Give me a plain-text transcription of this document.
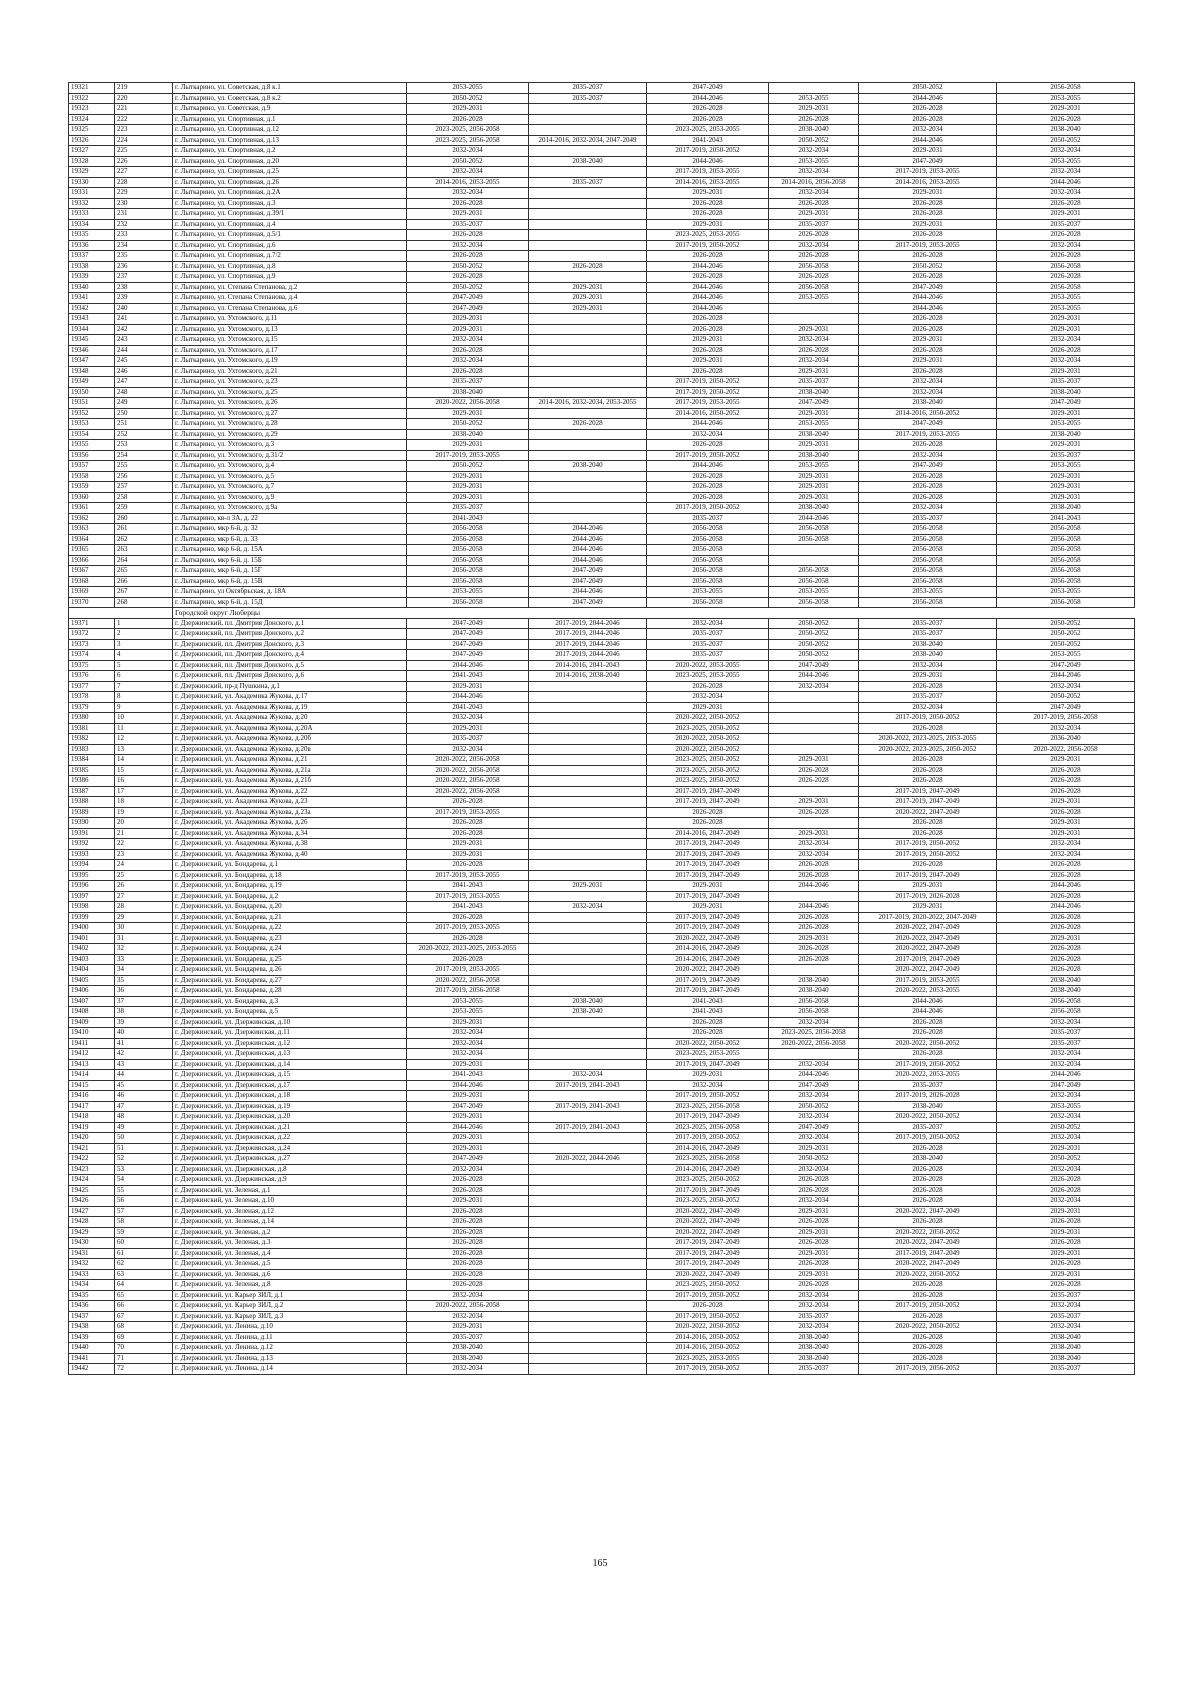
19321	219	г. Лыткарино, ул. Советская, д.8 к.1	2053-2055	2035-2037	2047-2049		2050-2052	2056-2058
19322	220	г. Лыткарино, ул. Советская, д.8 к.2	2050-2052	2035-2037	2044-2046	2053-2055	2044-2046	2053-2055
19323	221	г. Лыткарино, ул. Советская, д.9	2029-2031		2026-2028	2029-2031	2026-2028	2029-2031
19324	222	г. Лыткарино, ул. Спортивная, д.1	2026-2028		2026-2028	2026-2028	2026-2028	2026-2028
19325	223	г. Лыткарино, ул. Спортивная, д.12	2023-2025, 2056-2058		2023-2025, 2053-2055	2038-2040	2032-2034	2038-2040
19326	224	г. Лыткарино, ул. Спортивная, д.13	2023-2025, 2056-2058	2014-2016, 2032-2034, 2047-2049	2041-2043	2050-2052	2044-2046	2050-2052
19327	225	г. Лыткарино, ул. Спортивная, д.2	2032-2034		2017-2019, 2050-2052	2032-2034	2029-2031	2032-2034
19328	226	г. Лыткарино, ул. Спортивная, д.20	2050-2052	2038-2040	2044-2046	2053-2055	2047-2049	2053-2055
19329	227	г. Лыткарино, ул. Спортивная, д.25	2032-2034		2017-2019, 2053-2055	2032-2034	2017-2019, 2053-2055	2032-2034
19330	228	г. Лыткарино, ул. Спортивная, д.26	2014-2016, 2053-2055	2035-2037	2014-2016, 2053-2055	2014-2016, 2056-2058	2014-2016, 2053-2055	2044-2046
19331	229	г. Лыткарино, ул. Спортивная, д.2А	2032-2034		2029-2031	2032-2034	2029-2031	2032-2034
19332	230	г. Лыткарино, ул. Спортивная, д.3	2026-2028		2026-2028	2026-2028	2026-2028	2026-2028
19333	231	г. Лыткарино, ул. Спортивная, д.39/1	2029-2031		2026-2028	2029-2031	2026-2028	2029-2031
19334	232	г. Лыткарино, ул. Спортивная, д.4	2035-2037		2029-2031	2035-2037	2029-2031	2035-2037
19335	233	г. Лыткарино, ул. Спортивная, д.5/1	2026-2028		2023-2025, 2053-2055	2026-2028	2026-2028	2026-2028
19336	234	г. Лыткарино, ул. Спортивная, д.6	2032-2034		2017-2019, 2050-2052	2032-2034	2017-2019, 2053-2055	2032-2034
19337	235	г. Лыткарино, ул. Спортивная, д.7/2	2026-2028		2026-2028	2026-2028	2026-2028	2026-2028
19338	236	г. Лыткарино, ул. Спортивная, д.8	2050-2052	2026-2028	2044-2046	2056-2058	2050-2052	2056-2058
19339	237	г. Лыткарино, ул. Спортивная, д.9	2026-2028		2026-2028	2026-2028	2026-2028	2026-2028
19340	238	г. Лыткарино, ул. Степана Степанова, д.2	2050-2052	2029-2031	2044-2046	2056-2058	2047-2049	2056-2058
19341	239	г. Лыткарино, ул. Степана Степанова, д.4	2047-2049	2029-2031	2044-2046	2053-2055	2044-2046	2053-2055
19342	240	г. Лыткарино, ул. Степана Степанова, д.6	2047-2049	2029-2031	2044-2046		2044-2046	2053-2055
19343	241	г. Лыткарино, ул. Ухтомского, д.11	2029-2031		2026-2028		2026-2028	2029-2031
19344	242	г. Лыткарино, ул. Ухтомского, д.13	2029-2031		2026-2028	2029-2031	2026-2028	2029-2031
19345	243	г. Лыткарино, ул. Ухтомского, д.15	2032-2034		2029-2031	2032-2034	2029-2031	2032-2034
19346	244	г. Лыткарино, ул. Ухтомского, д.17	2026-2028		2026-2028	2026-2028	2026-2028	2026-2028
19347	245	г. Лыткарино, ул. Ухтомского, д.19	2032-2034		2029-2031	2032-2034	2029-2031	2032-2034
19348	246	г. Лыткарино, ул. Ухтомского, д.21	2026-2028		2026-2028	2029-2031	2026-2028	2029-2031
19349	247	г. Лыткарино, ул. Ухтомского, д.23	2035-2037		2017-2019, 2050-2052	2035-2037	2032-2034	2035-2037
19350	248	г. Лыткарино, ул. Ухтомского, д.25	2038-2040		2017-2019, 2050-2052	2038-2040	2032-2034	2038-2040
19351	249	г. Лыткарино, ул. Ухтомского, д.26	2020-2022, 2056-2058	2014-2016, 2032-2034, 2053-2055	2017-2019, 2053-2055	2047-2049	2038-2040	2047-2049
19352	250	г. Лыткарино, ул. Ухтомского, д.27	2029-2031		2014-2016, 2050-2052	2029-2031	2014-2016, 2050-2052	2029-2031
19353	251	г. Лыткарино, ул. Ухтомского, д.28	2050-2052	2026-2028	2044-2046	2053-2055	2047-2049	2053-2055
19354	252	г. Лыткарино, ул. Ухтомского, д.29	2038-2040		2032-2034	2038-2040	2017-2019, 2053-2055	2038-2040
19355	253	г. Лыткарино, ул. Ухтомского, д.3	2029-2031		2026-2028	2029-2031	2026-2028	2029-2031
19356	254	г. Лыткарино, ул. Ухтомского, д.31/2	2017-2019, 2053-2055		2017-2019, 2050-2052	2038-2040	2032-2034	2035-2037
19357	255	г. Лыткарино, ул. Ухтомского, д.4	2050-2052	2038-2040	2044-2046	2053-2055	2047-2049	2053-2055
19358	256	г. Лыткарино, ул. Ухтомского, д.5	2029-2031		2026-2028	2029-2031	2026-2028	2029-2031
19359	257	г. Лыткарино, ул. Ухтомского, д.7	2029-2031		2026-2028	2029-2031	2026-2028	2029-2031
19360	258	г. Лыткарино, ул. Ухтомского, д.9	2029-2031		2026-2028	2029-2031	2026-2028	2029-2031
19361	259	г. Лыткарино, ул. Ухтомского, д.9а	2035-2037		2017-2019, 2050-2052	2038-2040	2032-2034	2038-2040
19362	260	г. Лыткарино, кв-л 3А, д. 22	2041-2043		2035-2037	2044-2046	2035-2037	2041-2043
19363	261	г. Лыткарино, мкр 6-й, д. 32	2056-2058	2044-2046	2056-2058	2056-2058	2056-2058	2056-2058
19364	262	г. Лыткарино, мкр 6-й, д. 33	2056-2058	2044-2046	2056-2058	2056-2058	2056-2058	2056-2058
19365	263	г. Лыткарино, мкр 6-й, д. 15А	2056-2058	2044-2046	2056-2058		2056-2058	2056-2058
19366	264	г. Лыткарино, мкр 6-й, д. 15Б	2056-2058	2044-2046	2056-2058		2056-2058	2056-2058
19367	265	г. Лыткарино, мкр 6-й, д. 15Г	2056-2058	2047-2049	2056-2058	2056-2058	2056-2058	2056-2058
19368	266	г. Лыткарино, мкр 6-й, д. 15В	2056-2058	2047-2049	2056-2058	2056-2058	2056-2058	2056-2058
19369	267	г. Лыткарино, ул Октябрьская, д. 18А	2053-2055	2044-2046	2053-2055	2053-2055	2053-2055	2053-2055
19370	268	г. Лыткарино, мкр 6-й, д. 15Д	2056-2058	2047-2049	2056-2058	2056-2058	2056-2058	2056-2058
		Городской округ Люберцы						
19371	1	г. Дзержинский, пл. Дмитрия Донского, д.1	2047-2049	2017-2019, 2044-2046	2032-2034	2050-2052	2035-2037	2050-2052
19372	2	г. Дзержинский, пл. Дмитрия Донского, д.2	2047-2049	2017-2019, 2044-2046	2035-2037	2050-2052	2035-2037	2050-2052
19373	3	г. Дзержинский, пл. Дмитрия Донского, д.3	2047-2049	2017-2019, 2044-2046	2035-2037	2050-2052	2038-2040	2050-2052
19374	4	г. Дзержинский, пл. Дмитрия Донского, д.4	2047-2049	2017-2019, 2044-2046	2035-2037	2050-2052	2038-2040	2053-2055
19375	5	г. Дзержинский, пл. Дмитрия Донского, д.5	2044-2046	2014-2016, 2041-2043	2020-2022, 2053-2055	2047-2049	2032-2034	2047-2049
19376	6	г. Дзержинский, пл. Дмитрия Донского, д.6	2041-2043	2014-2016, 2038-2040	2023-2025, 2053-2055	2044-2046	2029-2031	2044-2046
19377	7	г. Дзержинский, пр-д Пушкина, д.1	2029-2031		2026-2028	2032-2034	2026-2028	2032-2034
19378	8	г. Дзержинский, ул. Академика Жукова, д.17	2044-2046		2032-2034		2035-2037	2050-2052
19379	9	г. Дзержинский, ул. Академика Жукова, д.19	2041-2043		2029-2031		2032-2034	2047-2049
19380	10	г. Дзержинский, ул. Академика Жукова, д.20	2032-2034		2020-2022, 2050-2052		2017-2019, 2050-2052	2017-2019, 2056-2058
19381	11	г. Дзержинский, ул. Академика Жукова, д.20А	2029-2031		2023-2025, 2050-2052		2026-2028	2032-2034
19382	12	г. Дзержинский, ул. Академика Жукова, д.20б	2035-2037		2020-2022, 2050-2052		2020-2022, 2023-2025, 2053-2055	2036-2040
19383	13	г. Дзержинский, ул. Академика Жукова, д.20в	2032-2034		2020-2022, 2050-2052		2020-2022, 2023-2025, 2050-2052	2020-2022, 2056-2058
19384	14	г. Дзержинский, ул. Академика Жукова, д.21	2020-2022, 2056-2058		2023-2025, 2050-2052	2029-2031	2026-2028	2029-2031
19385	15	г. Дзержинский, ул. Академика Жукова, д.21а	2020-2022, 2056-2058		2023-2025, 2050-2052	2026-2028	2026-2028	2026-2028
19386	16	г. Дзержинский, ул. Академика Жукова, д.21б	2020-2022, 2056-2058		2023-2025, 2050-2052	2026-2028	2026-2028	2026-2028
19387	17	г. Дзержинский, ул. Академика Жукова, д.22	2020-2022, 2056-2058		2017-2019, 2047-2049		2017-2019, 2047-2049	2026-2028
19388	18	г. Дзержинский, ул. Академика Жукова, д.23	2026-2028		2017-2019, 2047-2049	2029-2031	2017-2019, 2047-2049	2029-2031
19389	19	г. Дзержинский, ул. Академика Жукова, д.23а	2017-2019, 2053-2055		2026-2028	2026-2028	2020-2022, 2047-2049	2026-2028
19390	20	г. Дзержинский, ул. Академика Жукова, д.26	2026-2028		2026-2028		2026-2028	2029-2031
19391	21	г. Дзержинский, ул. Академика Жукова, д.34	2026-2028		2014-2016, 2047-2049	2029-2031	2026-2028	2029-2031
19392	22	г. Дзержинский, ул. Академика Жукова, д.38	2029-2031		2017-2019, 2047-2049	2032-2034	2017-2019, 2050-2052	2032-2034
19393	23	г. Дзержинский, ул. Академика Жукова, д.40	2029-2031		2017-2019, 2047-2049	2032-2034	2017-2019, 2050-2052	2032-2034
19394	24	г. Дзержинский, ул. Бондарева, д.1	2026-2028		2017-2019, 2047-2049	2026-2028	2026-2028	2026-2028
19395	25	г. Дзержинский, ул. Бондарева, д.18	2017-2019, 2053-2055		2017-2019, 2047-2049	2026-2028	2017-2019, 2047-2049	2026-2028
19396	26	г. Дзержинский, ул. Бондарева, д.19	2041-2043	2029-2031	2029-2031	2044-2046	2029-2031	2044-2046
19397	27	г. Дзержинский, ул. Бондарева, д.2	2017-2019, 2053-2055		2017-2019, 2047-2049		2017-2019, 2026-2028	2026-2028
19398	28	г. Дзержинский, ул. Бондарева, д.20	2041-2043	2032-2034	2029-2031	2044-2046	2029-2031	2044-2046
19399	29	г. Дзержинский, ул. Бондарева, д.21	2026-2028		2017-2019, 2047-2049	2026-2028	2017-2019, 2020-2022, 2047-2049	2026-2028
19400	30	г. Дзержинский, ул. Бондарева, д.22	2017-2019, 2053-2055		2017-2019, 2047-2049	2026-2028	2020-2022, 2047-2049	2026-2028
19401	31	г. Дзержинский, ул. Бондарева, д.23	2026-2028		2020-2022, 2047-2049	2029-2031	2020-2022, 2047-2049	2029-2031
19402	32	г. Дзержинский, ул. Бондарева, д.24	2020-2022, 2023-2025, 2053-2055		2014-2016, 2047-2049	2026-2028	2020-2022, 2047-2049	2026-2028
19403	33	г. Дзержинский, ул. Бондарева, д.25	2026-2028		2014-2016, 2047-2049	2026-2028	2017-2019, 2047-2049	2026-2028
19404	34	г. Дзержинский, ул. Бондарева, д.26	2017-2019, 2053-2055		2020-2022, 2047-2049		2020-2022, 2047-2049	2026-2028
19405	35	г. Дзержинский, ул. Бондарева, д.27	2020-2022, 2056-2058		2017-2019, 2047-2049	2038-2040	2017-2019, 2053-2055	2038-2040
19406	36	г. Дзержинский, ул. Бондарева, д.28	2017-2019, 2056-2058		2017-2019, 2047-2049	2038-2040	2020-2022, 2053-2055	2038-2040
19407	37	г. Дзержинский, ул. Бондарева, д.3	2053-2055	2038-2040	2041-2043	2056-2058	2044-2046	2056-2058
19408	38	г. Дзержинский, ул. Бондарева, д.5	2053-2055	2038-2040	2041-2043	2056-2058	2044-2046	2056-2058
19409	39	г. Дзержинский, ул. Дзержинская, д.10	2029-2031		2026-2028	2032-2034	2026-2028	2032-2034
19410	40	г. Дзержинский, ул. Дзержинская, д.11	2032-2034		2026-2028	2023-2025, 2056-2058	2026-2028	2035-2037
19411	41	г. Дзержинский, ул. Дзержинская, д.12	2032-2034		2020-2022, 2050-2052	2020-2022, 2056-2058	2020-2022, 2050-2052	2035-2037
19412	42	г. Дзержинский, ул. Дзержинская, д.13	2032-2034		2023-2025, 2053-2055		2026-2028	2032-2034
19413	43	г. Дзержинский, ул. Дзержинская, д.14	2029-2031		2017-2019, 2047-2049	2032-2034	2017-2019, 2050-2052	2032-2034
19414	44	г. Дзержинский, ул. Дзержинская, д.15	2041-2043	2032-2034	2029-2031	2044-2046	2020-2022, 2053-2055	2044-2046
19415	45	г. Дзержинский, ул. Дзержинская, д.17	2044-2046	2017-2019, 2041-2043	2032-2034	2047-2049	2035-2037	2047-2049
19416	46	г. Дзержинский, ул. Дзержинская, д.18	2029-2031		2017-2019, 2050-2052	2032-2034	2017-2019, 2026-2028	2032-2034
19417	47	г. Дзержинский, ул. Дзержинская, д.19	2047-2049	2017-2019, 2041-2043	2023-2025, 2056-2058	2050-2052	2038-2040	2053-2055
19418	48	г. Дзержинский, ул. Дзержинская, д.20	2029-2031		2017-2019, 2047-2049	2032-2034	2020-2022, 2050-2052	2032-2034
19419	49	г. Дзержинский, ул. Дзержинская, д.21	2044-2046	2017-2019, 2041-2043	2023-2025, 2056-2058	2047-2049	2035-2037	2050-2052
19420	50	г. Дзержинский, ул. Дзержинская, д.22	2029-2031		2017-2019, 2050-2052	2032-2034	2017-2019, 2050-2052	2032-2034
19421	51	г. Дзержинский, ул. Дзержинская, д.24	2029-2031		2014-2016, 2047-2049	2029-2031	2026-2028	2029-2031
19422	52	г. Дзержинский, ул. Дзержинская, д.27	2047-2049	2020-2022, 2044-2046	2023-2025, 2056-2058	2050-2052	2038-2040	2050-2052
19423	53	г. Дзержинский, ул. Дзержинская, д.8	2032-2034		2014-2016, 2047-2049	2032-2034	2026-2028	2032-2034
19424	54	г. Дзержинский, ул. Дзержинская, д.9	2026-2028		2023-2025, 2050-2052	2026-2028	2026-2028	2026-2028
19425	55	г. Дзержинский, ул. Зеленая, д.1	2026-2028		2017-2019, 2047-2049	2026-2028	2026-2028	2026-2028
19426	56	г. Дзержинский, ул. Зеленая, д.10	2029-2031		2023-2025, 2050-2052	2032-2034	2026-2028	2032-2034
19427	57	г. Дзержинский, ул. Зеленая, д.12	2026-2028		2020-2022, 2047-2049	2029-2031	2020-2022, 2047-2049	2029-2031
19428	58	г. Дзержинский, ул. Зеленая, д.14	2026-2028		2020-2022, 2047-2049	2026-2028	2026-2028	2026-2028
19429	59	г. Дзержинский, ул. Зеленая, д.2	2026-2028		2020-2022, 2047-2049	2029-2031	2020-2022, 2050-2052	2029-2031
19430	60	г. Дзержинский, ул. Зеленая, д.3	2026-2028		2017-2019, 2047-2049	2026-2028	2020-2022, 2047-2049	2026-2028
19431	61	г. Дзержинский, ул. Зеленая, д.4	2026-2028		2017-2019, 2047-2049	2029-2031	2017-2019, 2047-2049	2029-2031
19432	62	г. Дзержинский, ул. Зеленая, д.5	2026-2028		2017-2019, 2047-2049	2026-2028	2020-2022, 2047-2049	2026-2028
19433	63	г. Дзержинский, ул. Зеленая, д.6	2026-2028		2020-2022, 2047-2049	2029-2031	2020-2022, 2050-2052	2029-2031
19434	64	г. Дзержинский, ул. Зеленая, д.8	2026-2028		2023-2025, 2050-2052	2026-2028	2026-2028	2026-2028
19435	65	г. Дзержинский, ул. Карьер ЗИЛ, д.1	2032-2034		2017-2019, 2050-2052	2032-2034	2026-2028	2035-2037
19436	66	г. Дзержинский, ул. Карьер ЗИЛ, д.2	2020-2022, 2056-2058		2026-2028	2032-2034	2017-2019, 2050-2052	2032-2034
19437	67	г. Дзержинский, ул. Карьер ЗИЛ, д.3	2032-2034		2017-2019, 2050-2052	2035-2037	2026-2028	2035-2037
19438	68	г. Дзержинский, ул. Ленина, д.10	2029-2031		2020-2022, 2050-2052	2032-2034	2020-2022, 2050-2052	2032-2034
19439	69	г. Дзержинский, ул. Ленина, д.11	2035-2037		2014-2016, 2050-2052	2038-2040	2026-2028	2038-2040
19440	70	г. Дзержинский, ул. Ленина, д.12	2038-2040		2014-2016, 2050-2052	2038-2040	2026-2028	2038-2040
19441	71	г. Дзержинский, ул. Ленина, д.13	2038-2040		2023-2025, 2053-2055	2038-2040	2026-2028	2038-2040
19442	72	г. Дзержинский, ул. Ленина, д.14	2032-2034		2017-2019, 2050-2052	2035-2037	2017-2019, 2056-2052	2035-2037
165
